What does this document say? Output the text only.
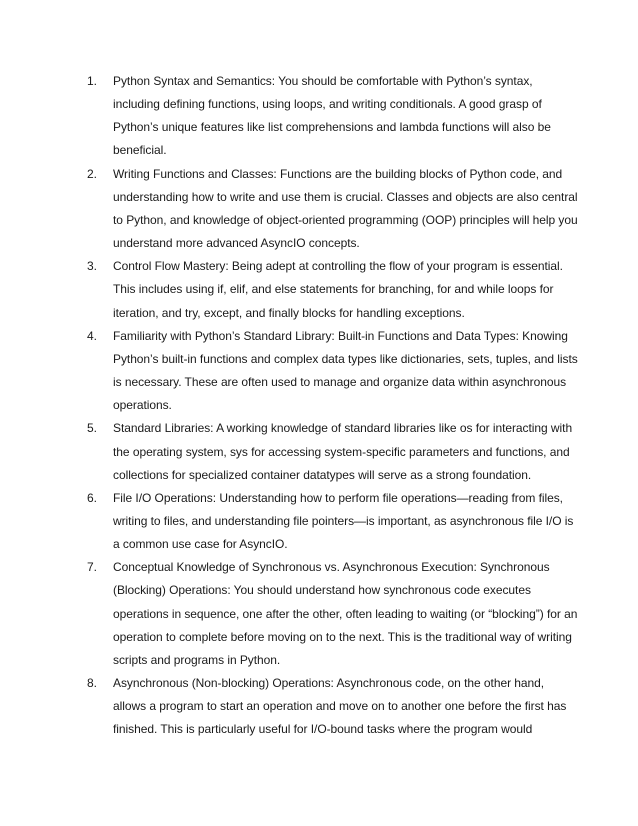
1.	Python Syntax and Semantics: You should be comfortable with Python’s syntax,
including defining functions, using loops, and writing conditionals. A good grasp of
Python’s unique features like list comprehensions and lambda functions will also be
beneficial.
2.	Writing Functions and Classes: Functions are the building blocks of Python code, and
understanding how to write and use them is crucial. Classes and objects are also central
to Python, and knowledge of object-oriented programming (OOP) principles will help you
understand more advanced AsyncIO concepts.
3.	Control Flow Mastery: Being adept at controlling the flow of your program is essential.
This includes using if, elif, and else statements for branching, for and while loops for
iteration, and try, except, and finally blocks for handling exceptions.
4.	Familiarity with Python’s Standard Library: Built-in Functions and Data Types: Knowing
Python’s built-in functions and complex data types like dictionaries, sets, tuples, and lists
is necessary. These are often used to manage and organize data within asynchronous
operations.
5.	Standard Libraries: A working knowledge of standard libraries like os for interacting with
the operating system, sys for accessing system-specific parameters and functions, and
collections for specialized container datatypes will serve as a strong foundation.
6.	File I/O Operations: Understanding how to perform file operations—reading from files,
writing to files, and understanding file pointers—is important, as asynchronous file I/O is
a common use case for AsyncIO.
7.	Conceptual Knowledge of Synchronous vs. Asynchronous Execution: Synchronous
(Blocking) Operations: You should understand how synchronous code executes
operations in sequence, one after the other, often leading to waiting (or “blocking”) for an
operation to complete before moving on to the next. This is the traditional way of writing
scripts and programs in Python.
8.	Asynchronous (Non-blocking) Operations: Asynchronous code, on the other hand,
allows a program to start an operation and move on to another one before the first has
finished. This is particularly useful for I/O-bound tasks where the program would
